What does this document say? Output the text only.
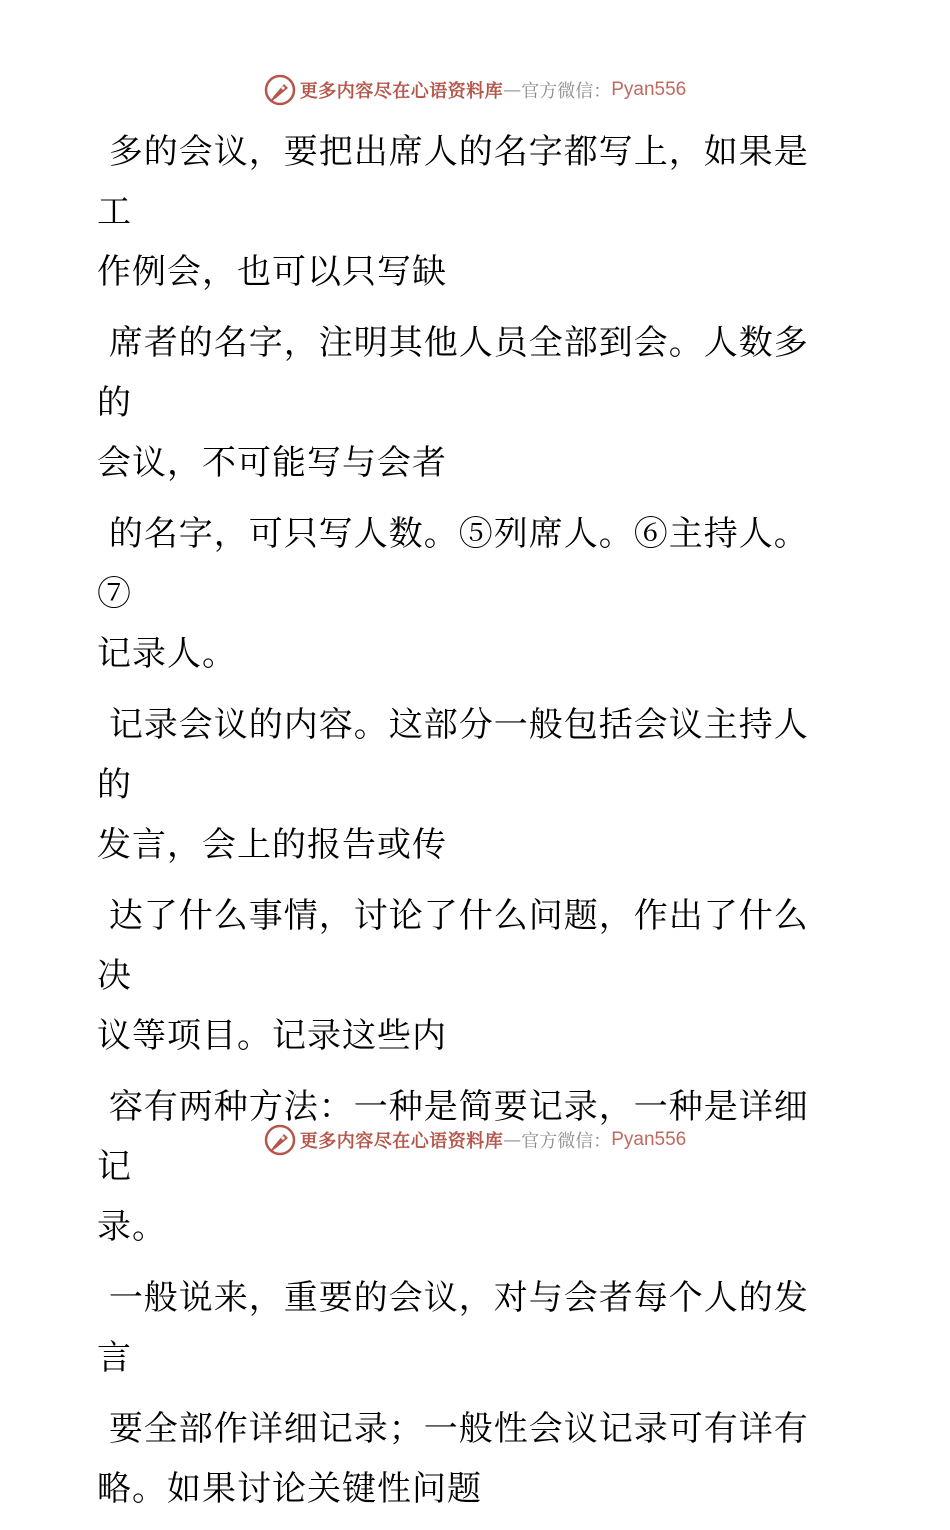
更多内容尽在心语资料库 — 官方微信： Pyan556
多的会议，要把出席人的名字都写上，如果是工
作例会，也可以只写缺
席者的名字，注明其他人员全部到会。人数多的
会议，不可能写与会者
的名字，可只写人数。⑤列席人。⑥主持人。⑦
记录人。
记录会议的内容。这部分一般包括会议主持人的
发言，会上的报告或传
达了什么事情，讨论了什么问题，作出了什么决
议等项目。记录这些内
容有两种方法：一种是简要记录，一种是详细记
录。
一般说来，重要的会议，对与会者每个人的发言
要全部作详细记录；一般性会议记录可有详有
略。如果讨论关键性问题
更多内容尽在心语资料库 — 官方微信： Pyan556
